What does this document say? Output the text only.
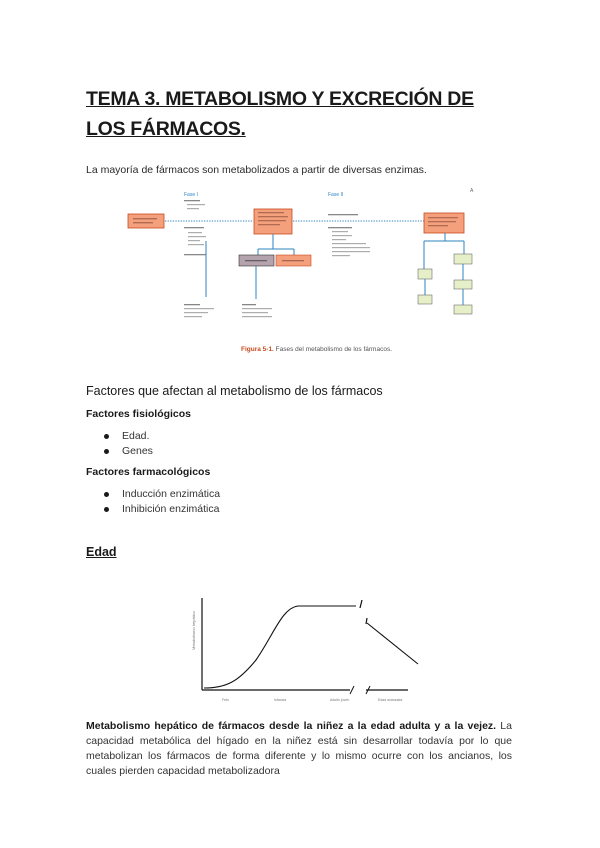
TEMA 3. METABOLISMO Y EXCRECIÓN DE LOS FÁRMACOS.
La mayoría de fármacos son metabolizados a partir de diversas enzimas.
A
Fase I	Fase II
Figura 5-1. Fases del metabolismo de los fármacos.
Factores que afectan al metabolismo de los fármacos
Factores fisiológicos
Edad.
Genes
Factores farmacológicos
Inducción enzimática
Inhibición enzimática
Edad
Metabolismo hepático
Feto	Infancia	Adulto joven	Edad avanzada
Metabolismo hepático de fármacos desde la niñez a la edad adulta y a la vejez. La capacidad metabólica del hígado en la niñez está sin desarrollar todavía por lo que metabolizan los fármacos de forma diferente y lo mismo ocurre con los ancianos, los cuales pierden capacidad metabolizadora
